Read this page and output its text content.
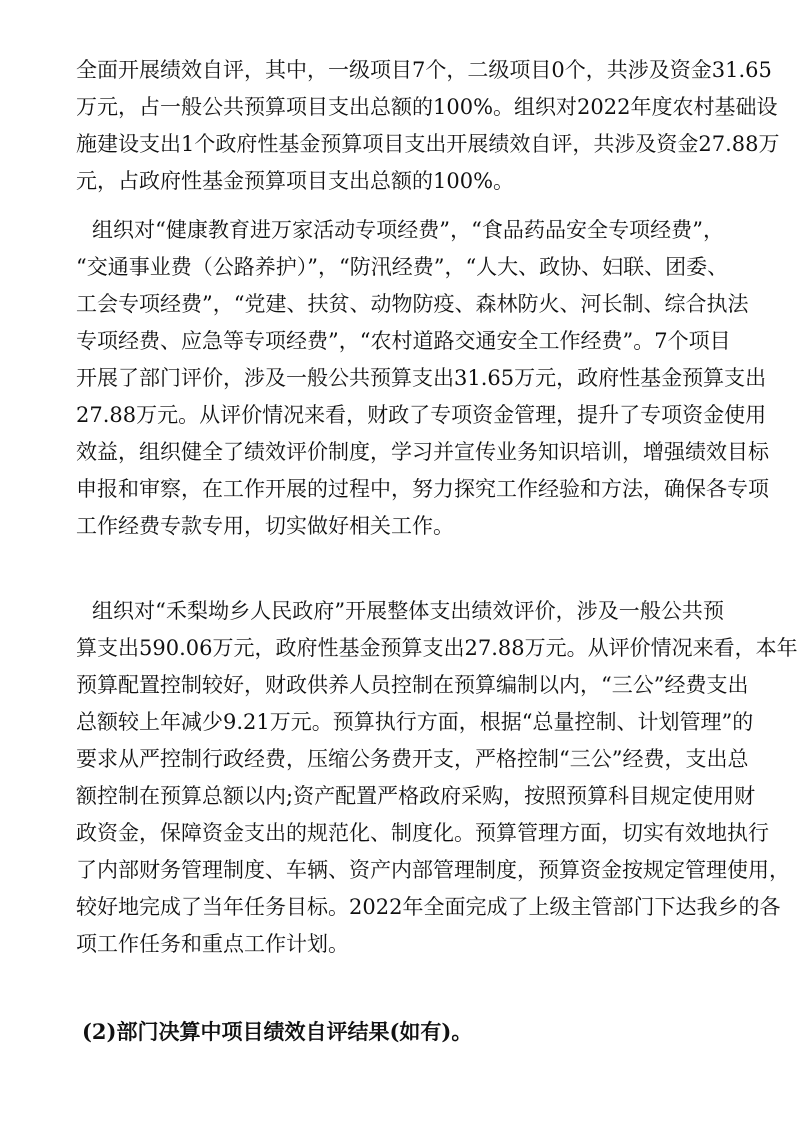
全面开展绩效自评，其中，一级项目7个，二级项目0个，共涉及资金31.65
万元，占一般公共预算项目支出总额的100%。组织对2022年度农村基础设
施建设支出1个政府性基金预算项目支出开展绩效自评，共涉及资金27.88万
元，占政府性基金预算项目支出总额的100%。
组织对“健康教育进万家活动专项经费”，“食品药品安全专项经费”，
“交通事业费（公路养护）”，“防汛经费”，“人大、政协、妇联、团委、
工会专项经费”，“党建、扶贫、动物防疫、森林防火、河长制、综合执法
专项经费、应急等专项经费”，“农村道路交通安全工作经费”。7个项目
开展了部门评价，涉及一般公共预算支出31.65万元，政府性基金预算支出
27.88万元。从评价情况来看，财政了专项资金管理，提升了专项资金使用
效益，组织健全了绩效评价制度，学习并宣传业务知识培训，增强绩效目标
申报和审察，在工作开展的过程中，努力探究工作经验和方法，确保各专项
工作经费专款专用，切实做好相关工作。
组织对“禾梨坳乡人民政府”开展整体支出绩效评价，涉及一般公共预
算支出590.06万元，政府性基金预算支出27.88万元。从评价情况来看，本年
预算配置控制较好，财政供养人员控制在预算编制以内，“三公”经费支出
总额较上年减少9.21万元。预算执行方面，根据“总量控制、计划管理”的
要求从严控制行政经费，压缩公务费开支，严格控制“三公”经费，支出总
额控制在预算总额以内;资产配置严格政府采购，按照预算科目规定使用财
政资金，保障资金支出的规范化、制度化。预算管理方面，切实有效地执行
了内部财务管理制度、车辆、资产内部管理制度，预算资金按规定管理使用，
较好地完成了当年任务目标。2022年全面完成了上级主管部门下达我乡的各
项工作任务和重点工作计划。
(2)部门决算中项目绩效自评结果(如有)。
